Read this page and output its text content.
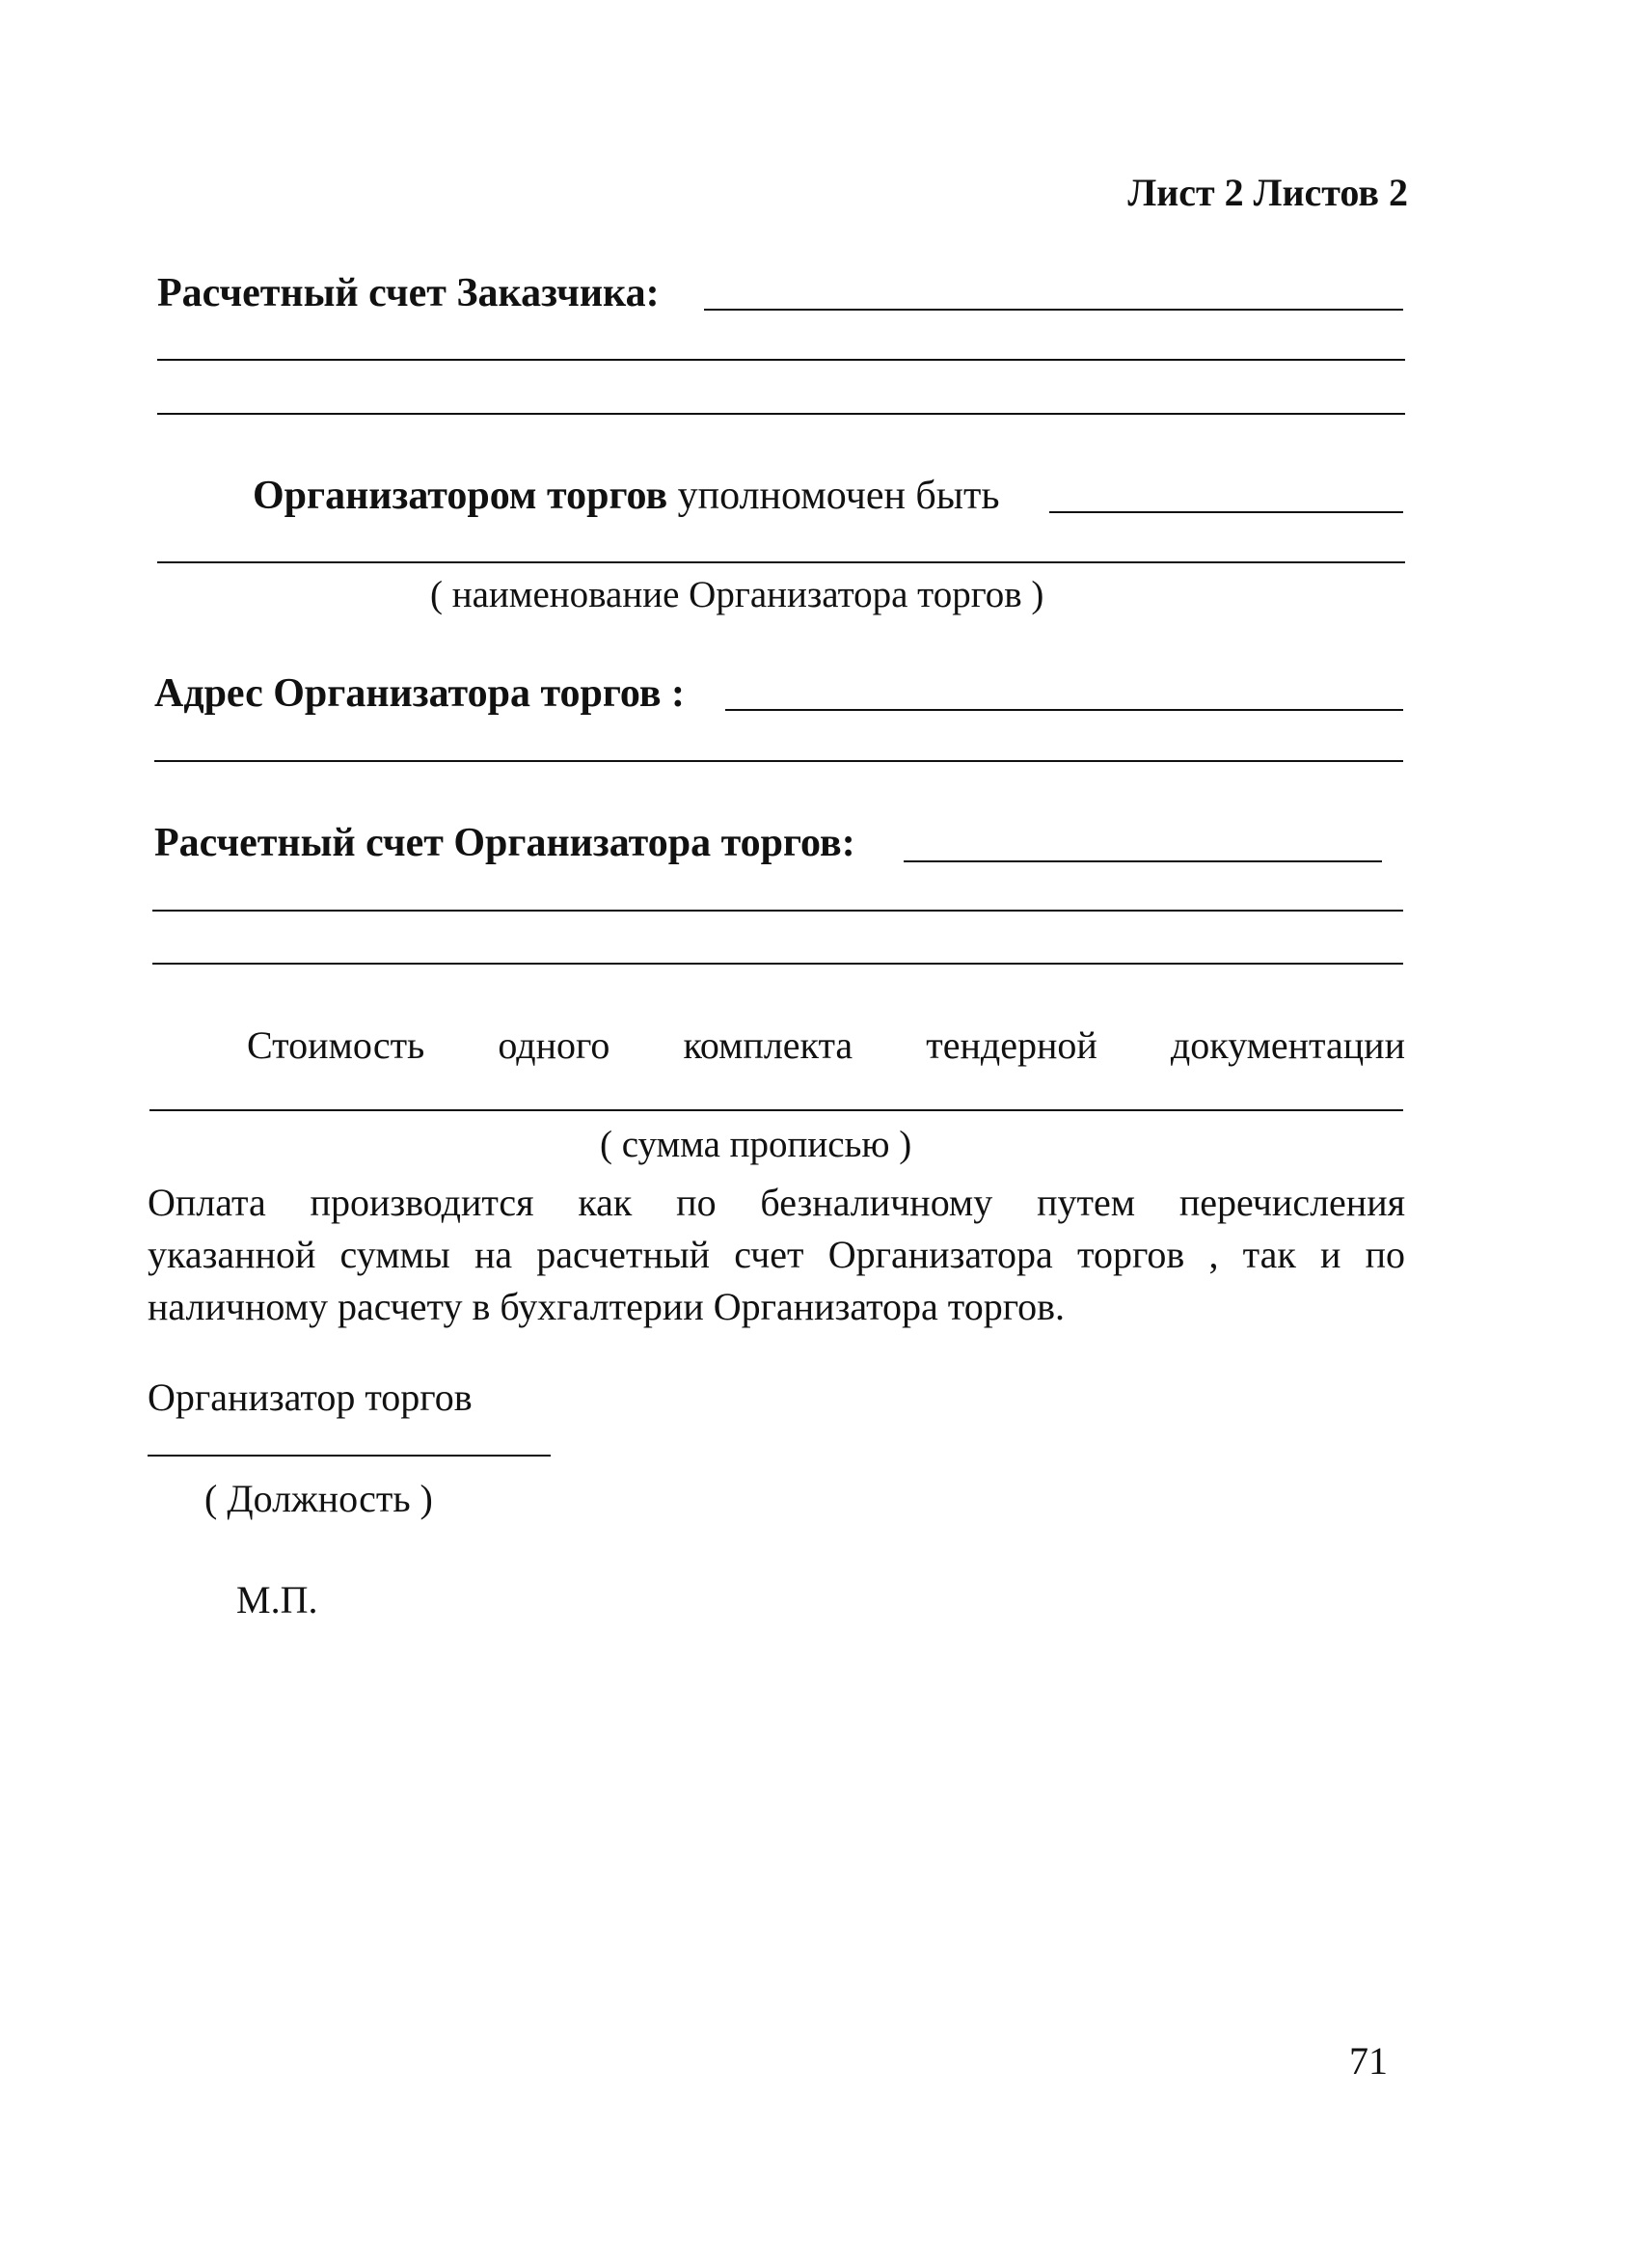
Лист 2 Листов 2
Расчетный счет Заказчика:
Организатором торгов уполномочен быть
( наименование Организатора торгов )
Адрес Организатора торгов :
Расчетный счет Организатора торгов:
Стоимость одного комплекта тендерной документации
( сумма прописью )
Оплата производится как по безналичному путем перечисления
указанной суммы на расчетный счет Организатора торгов , так и по
наличному расчету в бухгалтерии Организатора торгов.
Организатор торгов
( Должность )
М.П.
71
